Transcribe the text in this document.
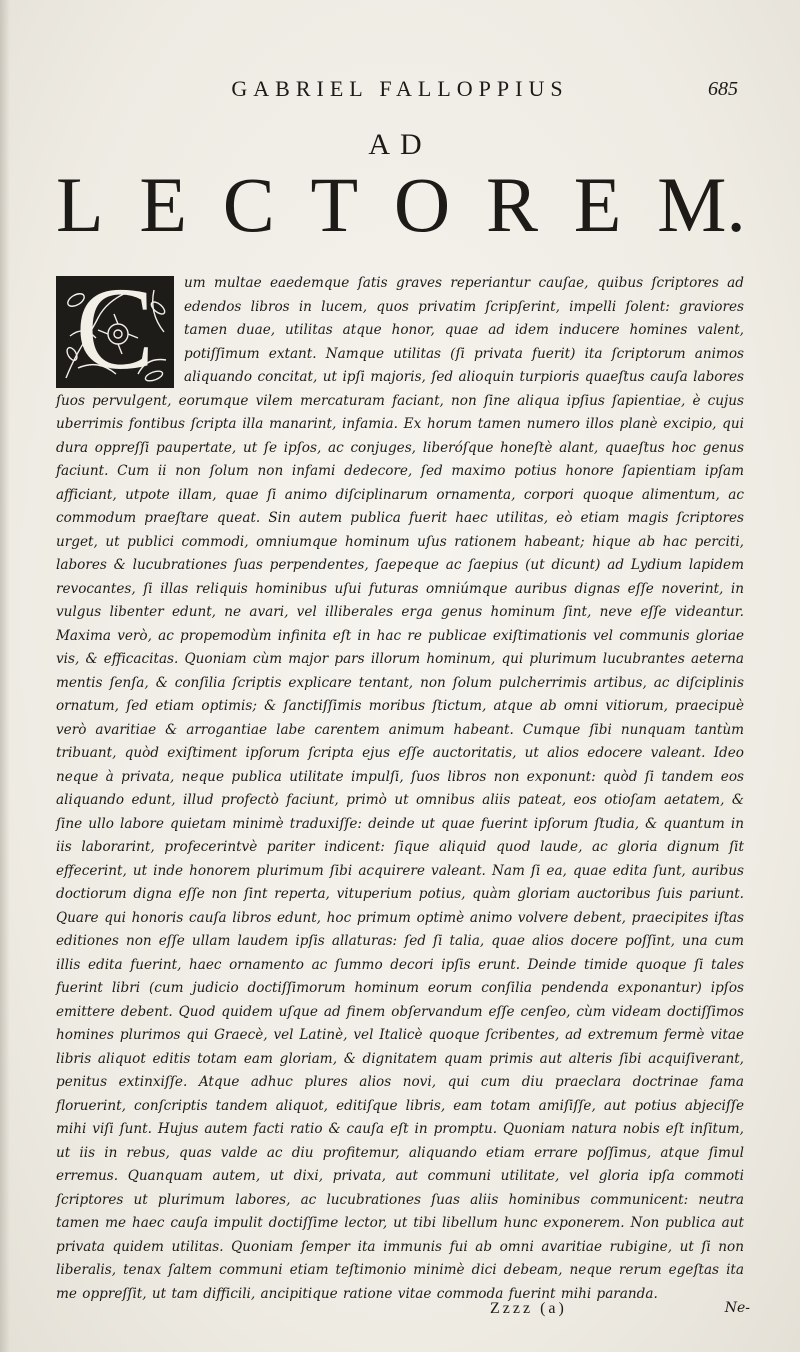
GABRIEL FALLOPPIUS	685
AD
L E C T O R E M.
C	um multae eaedemque ſatis graves reperiantur cauſae, quibus ſcriptores ad edendos libros in lucem, quos privatim ſcripſerint, impelli ſolent: graviores tamen duae, utilitas atque honor, quae ad idem inducere homines valent, potiſſimum extant. Namque utilitas (ſi privata fuerit) ita ſcriptorum animos aliquando concitat, ut ipſi majoris, ſed alioquin turpioris quaeſtus cauſa labores ſuos pervulgent, eorumque vilem mercaturam faciant, non ſine aliqua ipſius ſapientiae, è cujus uberrimis fontibus ſcripta illa manarint, infamia. Ex horum tamen numero illos planè excipio, qui dura oppreſſi paupertate, ut ſe ipſos, ac conjuges, liberóſque honeſtè alant, quaeſtus hoc genus faciunt. Cum ii non ſolum non infami dedecore, ſed maximo potius honore ſapientiam ipſam afficiant, utpote illam, quae ſi animo diſciplinarum ornamenta, corpori quoque alimentum, ac commodum praeſtare queat. Sin autem publica fuerit haec utilitas, eò etiam magis ſcriptores urget, ut publici commodi, omniumque hominum uſus rationem habeant; hique ab hac perciti, labores & lucubrationes ſuas perpendentes, ſaepeque ac ſaepius (ut dicunt) ad Lydium lapidem revocantes, ſi illas reliquis hominibus uſui futuras omniúmque auribus dignas eſſe noverint, in vulgus libenter edunt, ne avari, vel illiberales erga genus hominum ſint, neve eſſe videantur. Maxima verò, ac propemodùm infinita eſt in hac re publicae exiſtimationis vel communis gloriae vis, & efficacitas. Quoniam cùm major pars illorum hominum, qui plurimum lucubrantes aeterna mentis ſenſa, & conſilia ſcriptis explicare tentant, non ſolum pulcherrimis artibus, ac diſciplinis ornatum, ſed etiam optimis; & ſanctiſſimis moribus ſtictum, atque ab omni vitiorum, praecipuè verò avaritiae & arrogantiae labe carentem animum habeant. Cumque ſibi nunquam tantùm tribuant, quòd exiſtiment ipſorum ſcripta ejus eſſe auctoritatis, ut alios edocere valeant. Ideo neque à privata, neque publica utilitate impulſi, ſuos libros non exponunt: quòd ſi tandem eos aliquando edunt, illud profectò faciunt, primò ut omnibus aliis pateat, eos otioſam aetatem, & ſine ullo labore quietam minimè traduxiſſe: deinde ut quae fuerint ipſorum ſtudia, & quantum in iis laborarint, profecerintvè pariter indicent: ſique aliquid quod laude, ac gloria dignum ſit effecerint, ut inde honorem plurimum ſibi acquirere valeant. Nam ſi ea, quae edita ſunt, auribus doctiorum digna eſſe non ſint reperta, vituperium potius, quàm gloriam auctoribus ſuis pariunt. Quare qui honoris cauſa libros edunt, hoc primum optimè animo volvere debent, praecipites iſtas editiones non eſſe ullam laudem ipſis allaturas: ſed ſi talia, quae alios docere poſſint, una cum illis edita fuerint, haec ornamento ac ſummo decori ipſis erunt. Deinde timide quoque ſi tales fuerint libri (cum judicio doctiſſimorum hominum eorum conſilia pendenda exponantur) ipſos emittere debent. Quod quidem uſque ad finem obſervandum eſſe cenſeo, cùm videam doctiſſimos homines plurimos qui Graecè, vel Latinè, vel Italicè quoque ſcribentes, ad extremum fermè vitae libris aliquot editis totam eam gloriam, & dignitatem quam primis aut alteris ſibi acquiſiverant, penitus extinxiſſe. Atque adhuc plures alios novi, qui cum diu praeclara doctrinae fama floruerint, conſcriptis tandem aliquot, editiſque libris, eam totam amiſiſſe, aut potius abjeciſſe mihi viſi ſunt. Hujus autem facti ratio & cauſa eſt in promptu. Quoniam natura nobis eſt inſitum, ut iis in rebus, quas valde ac diu profitemur, aliquando etiam errare poſſimus, atque ſimul erremus. Quanquam autem, ut dixi, privata, aut communi utilitate, vel gloria ipſa commoti ſcriptores ut plurimum labores, ac lucubrationes ſuas aliis hominibus communicent: neutra tamen me haec cauſa impulit doctiſſime lector, ut tibi libellum hunc exponerem. Non publica aut privata quidem utilitas. Quoniam ſemper ita immunis fui ab omni avaritiae rubigine, ut ſi non liberalis, tenax ſaltem communi etiam teſtimonio minimè dici debeam, neque rerum egeſtas ita me oppreſſit, ut tam difficili, ancipitique ratione vitae commoda fuerint mihi paranda.

Zzzz (a)	Ne-
